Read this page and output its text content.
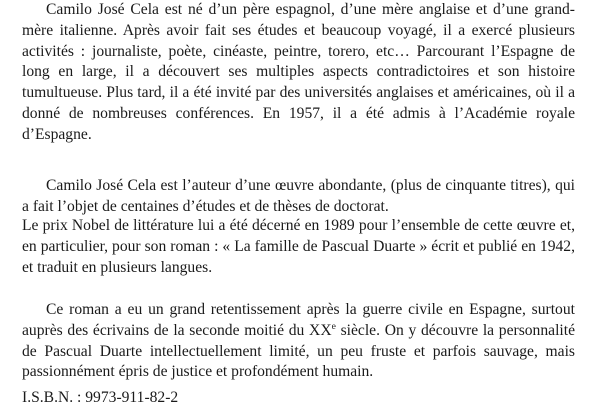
Camilo José Cela est né d’un père espagnol, d’une mère anglaise et d’une grand-mère italienne. Après avoir fait ses études et beaucoup voyagé, il a exercé plusieurs activités : journaliste, poète, cinéaste, peintre, torero, etc… Parcourant l’Espagne de long en large, il a découvert ses multiples aspects contradictoires et son histoire tumultueuse. Plus tard, il a été invité par des universités anglaises et américaines, où il a donné de nombreuses conférences. En 1957, il a été admis à l’Académie royale d’Espagne.

Camilo José Cela est l’auteur d’une œuvre abondante, (plus de cinquante titres), qui a fait l’objet de centaines d’études et de thèses de doctorat.

Le prix Nobel de littérature lui a été décerné en 1989 pour l’ensemble de cette œuvre et, en particulier, pour son roman : « La famille de Pascual Duarte » écrit et publié en 1942, et traduit en plusieurs langues.

Ce roman a eu un grand retentissement après la guerre civile en Espagne, surtout auprès des écrivains de la seconde moitié du XXe siècle. On y découvre la personnalité de Pascual Duarte intellectuellement limité, un peu fruste et parfois sauvage, mais passionnément épris de justice et profondément humain.

I.S.B.N. : 9973-911-82-2
